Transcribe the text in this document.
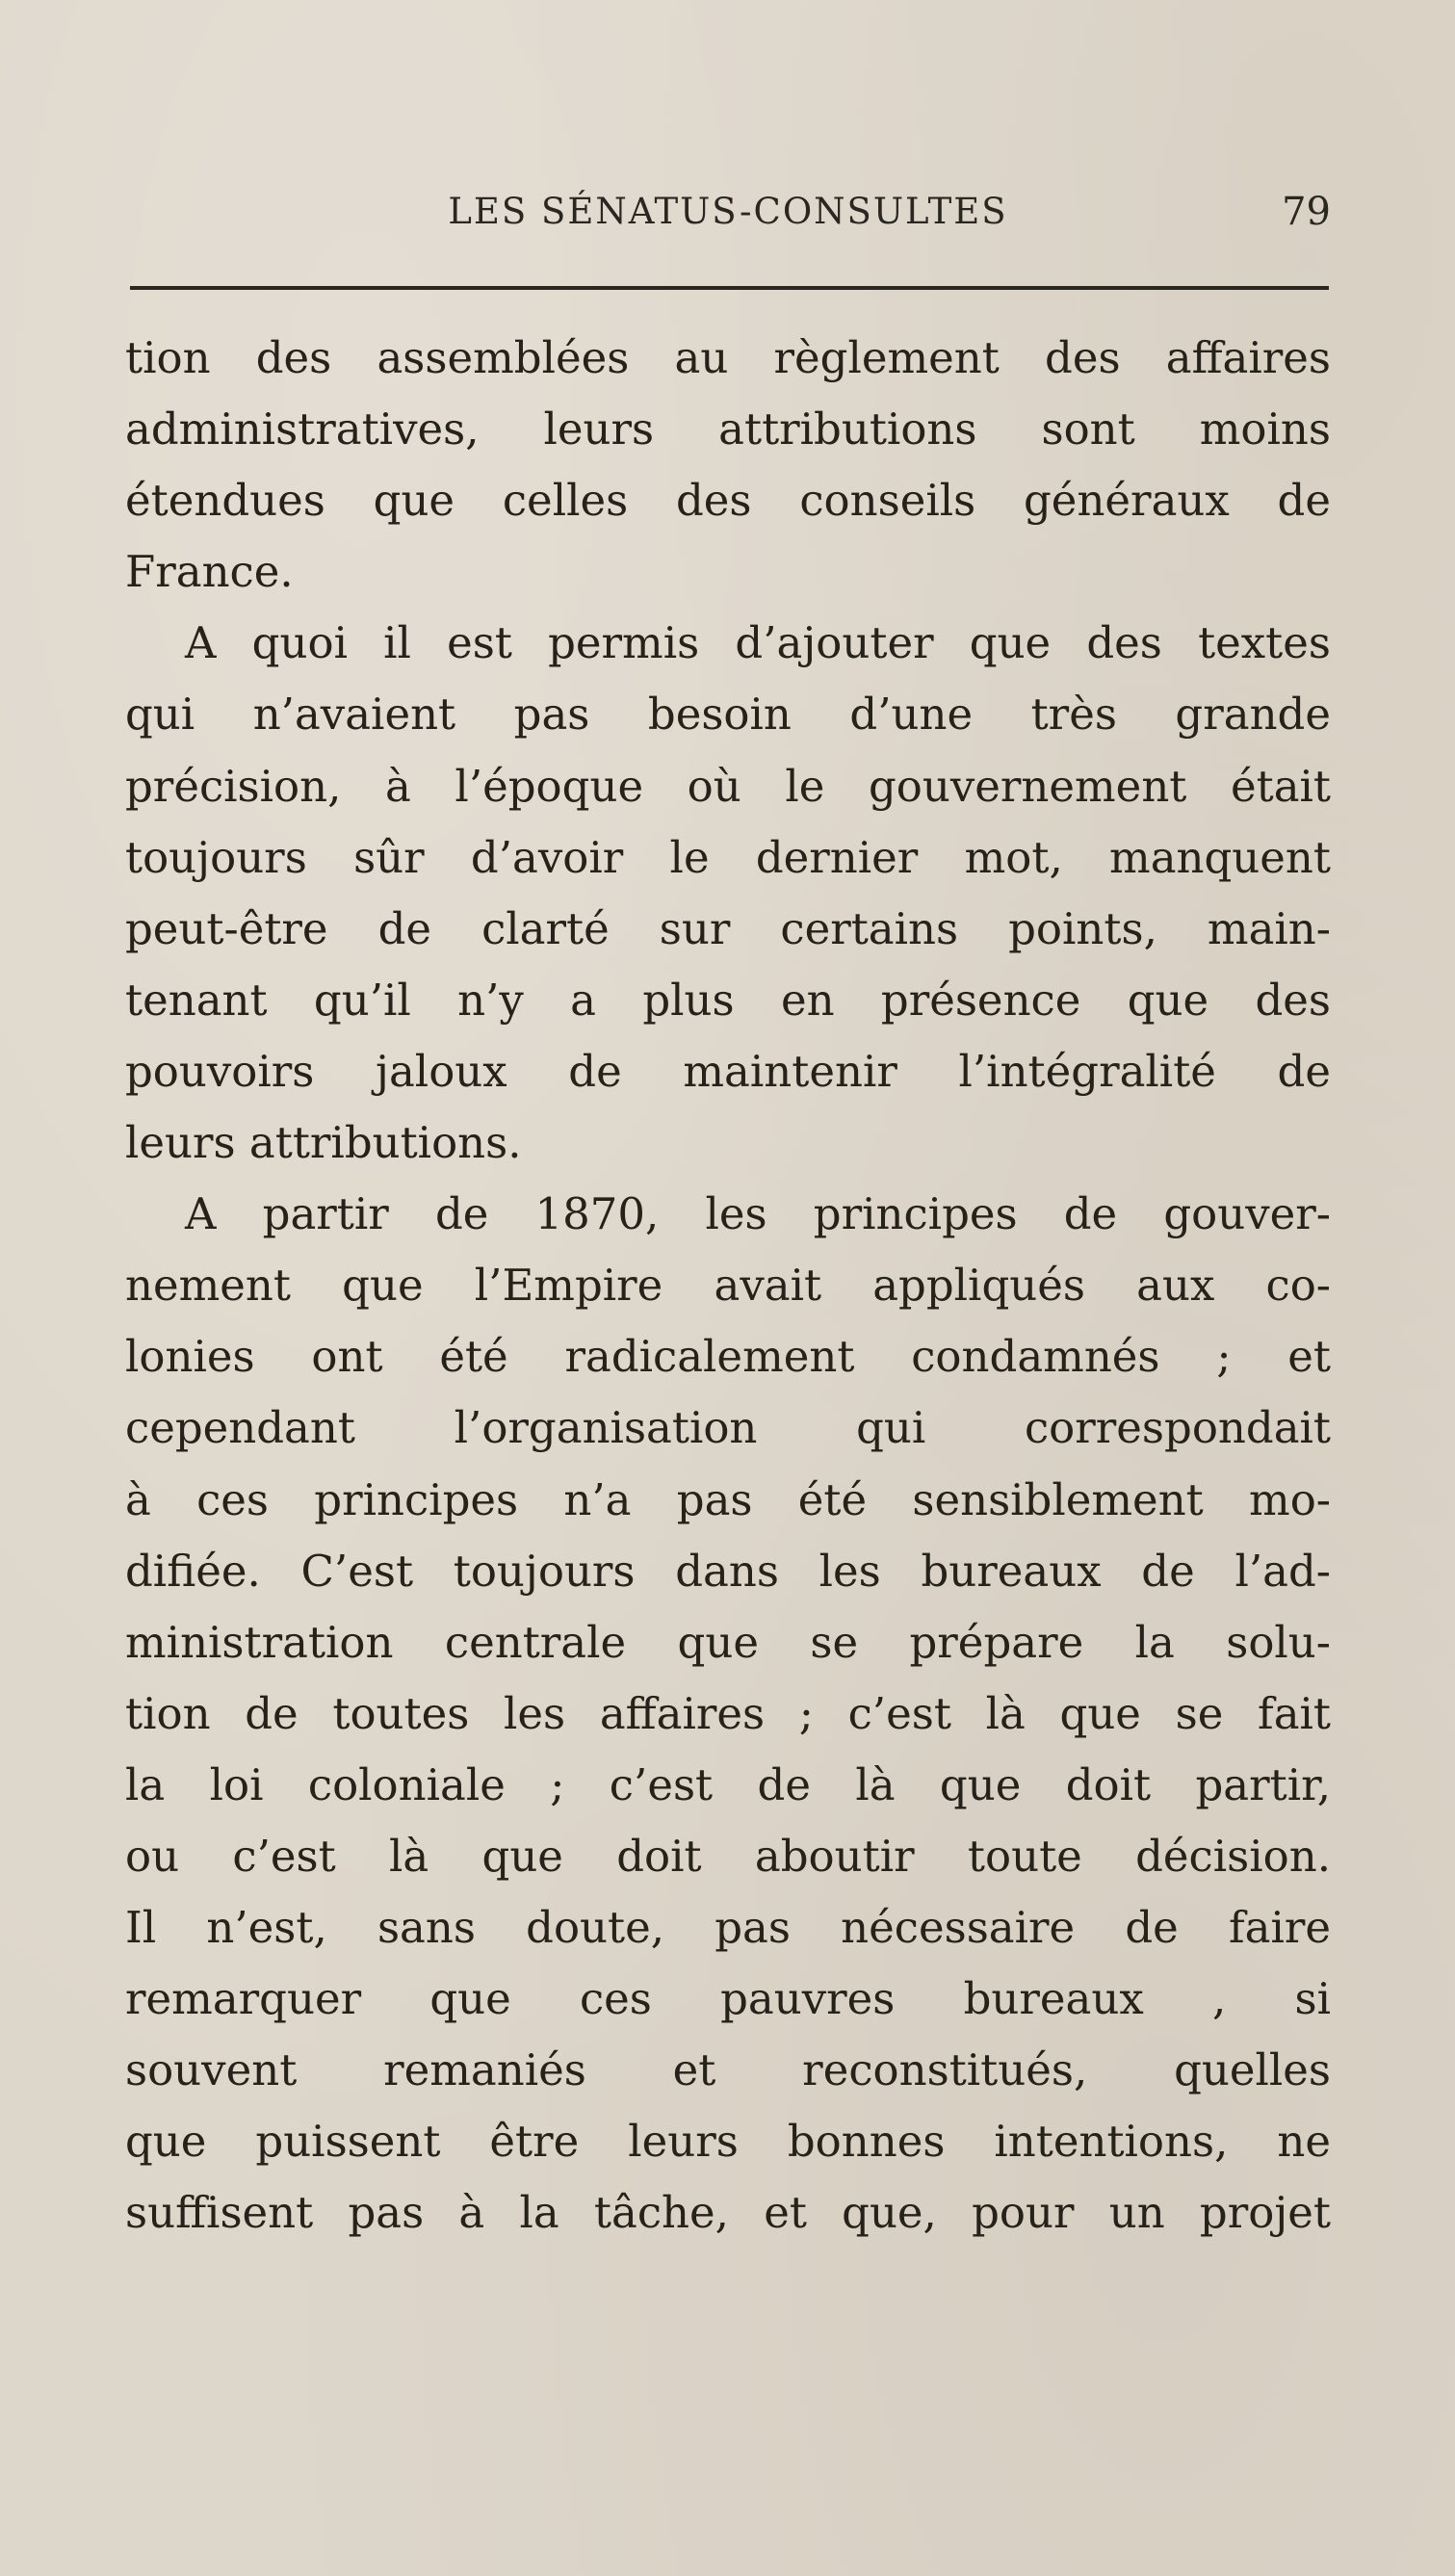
LES SÉNATUS-CONSULTES	79
tion des assemblées au règlement des affaires
administratives, leurs attributions sont moins
étendues que celles des conseils généraux de
France.
A quoi il est permis d’ajouter que des textes
qui n’avaient pas besoin d’une très grande
précision, à l’époque où le gouvernement était
toujours sûr d’avoir le dernier mot, manquent
peut-être de clarté sur certains points, main-
tenant qu’il n’y a plus en présence que des
pouvoirs jaloux de maintenir l’intégralité de
leurs attributions.
A partir de 1870, les principes de gouver-
nement que l’Empire avait appliqués aux co-
lonies ont été radicalement condamnés ; et
cependant l’organisation qui correspondait
à ces principes n’a pas été sensiblement mo-
difiée. C’est toujours dans les bureaux de l’ad-
ministration centrale que se prépare la solu-
tion de toutes les affaires ; c’est là que se fait
la loi coloniale ; c’est de là que doit partir,
ou c’est là que doit aboutir toute décision.
Il n’est, sans doute, pas nécessaire de faire
remarquer que ces pauvres bureaux , si
souvent remaniés et reconstitués, quelles
que puissent être leurs bonnes intentions, ne
suffisent pas à la tâche, et que, pour un projet
